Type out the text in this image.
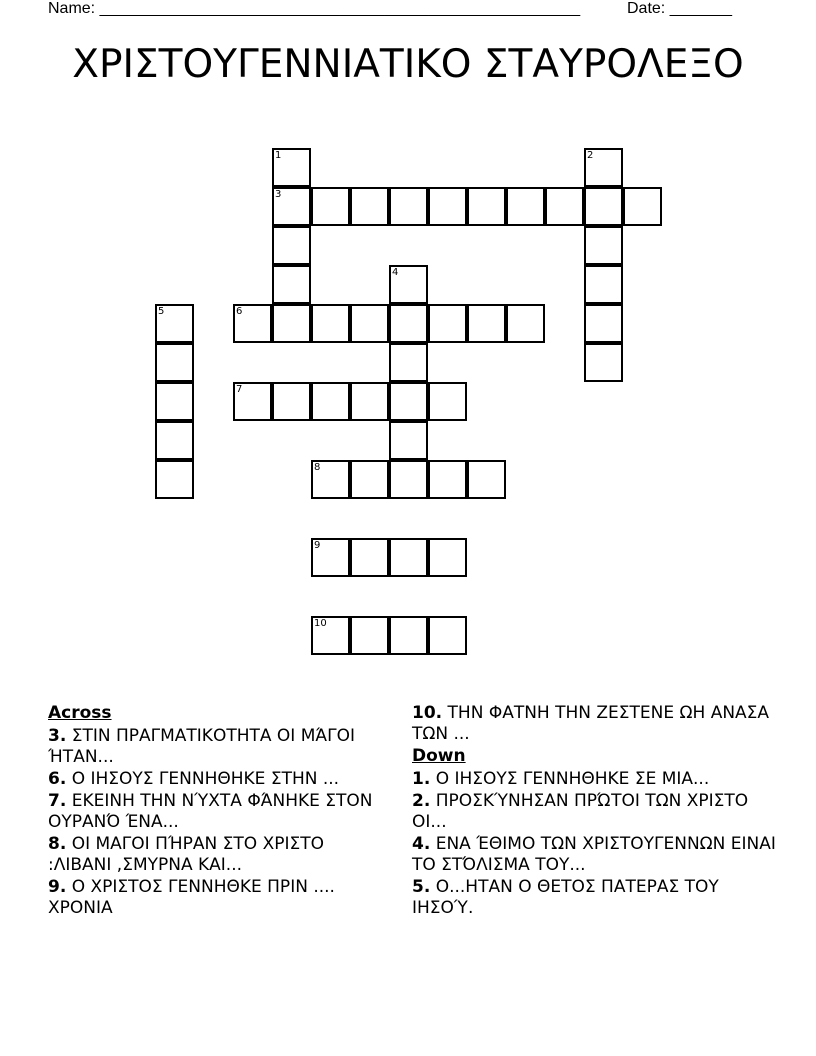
Name: ______________________________________________________	Date: _______
ΧΡΙΣΤΟΥΓΕΝΝΙΑΤΙΚΟ ΣΤΑΥΡΟΛΕΞΟ
1	2
3
4
5	6
7
8
9
10
Across
3. ΣΤΙΝ ΠΡΑΓΜΑΤΙΚΟΤΗΤΑ ΟΙ ΜΆΓΟΙ ΉΤΑΝ...
6. Ο ΙΗΣΟΥΣ ΓΕΝΝΗΘΗΚΕ ΣΤΗΝ ...
7. ΕΚΕΙΝΗ ΤΗΝ ΝΎΧΤΑ ΦΆΝΗΚΕ ΣΤΟΝ ΟΥΡΑΝΌ ΈΝΑ...
8. ΟΙ ΜΑΓΟΙ ΠΉΡΑΝ ΣΤΟ ΧΡΙΣΤΟ :ΛΙΒΑΝΙ ,ΣΜΥΡΝΑ ΚΑΙ...
9. Ο ΧΡΙΣΤΟΣ ΓΕΝΝΗΘΚΕ ΠΡΙΝ .... ΧΡΟΝΙΑ
10. ΤΗΝ ΦΑΤΝΗ ΤΗΝ ΖΕΣΤΕΝΕ ΩΗ ΑΝΑΣΑ ΤΩΝ ...
Down
1. Ο ΙΗΣΟΥΣ ΓΕΝΝΗΘΗΚΕ ΣΕ ΜΙΑ...
2. ΠΡΟΣΚΎΝΗΣΑΝ ΠΡΏΤΟΙ ΤΩΝ ΧΡΙΣΤΟ ΟΙ...
4. ΕΝΑ ΈΘΙΜΟ ΤΩΝ ΧΡΙΣΤΟΥΓΕΝΝΩΝ ΕΙΝΑΙ ΤΟ ΣΤΌΛΙΣΜΑ ΤΟΥ...
5. Ο...ΗΤΑΝ Ο ΘΕΤΟΣ ΠΑΤΕΡΑΣ ΤΟΥ ΙΗΣΟΎ.
